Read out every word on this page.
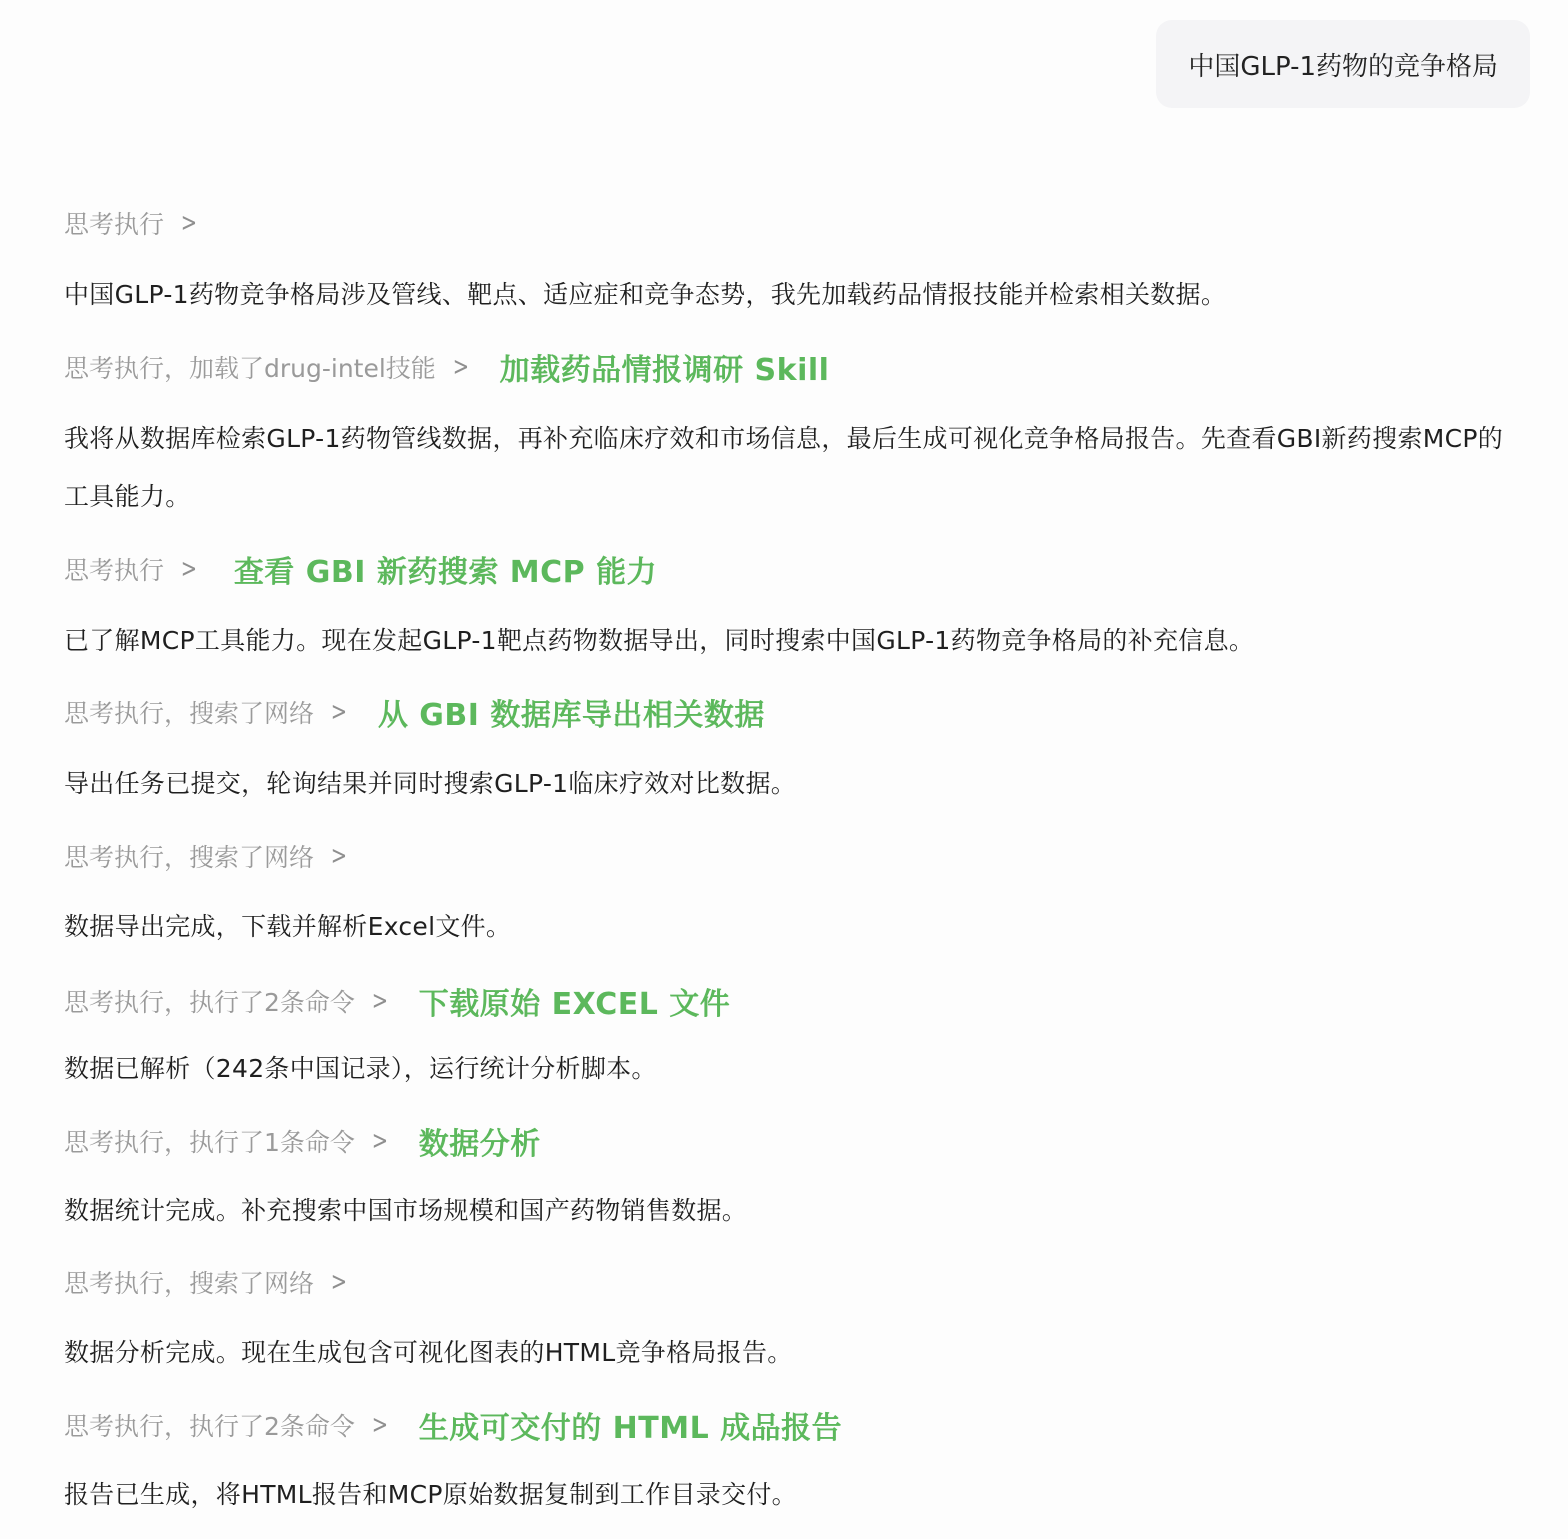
中国GLP-1药物的竞争格局
思考执行 >
中国GLP-1药物竞争格局涉及管线、靶点、适应症和竞争态势，我先加载药品情报技能并检索相关数据。
思考执行，加载了drug-intel技能 > 加载药品情报调研 Skill
我将从数据库检索GLP-1药物管线数据，再补充临床疗效和市场信息，最后生成可视化竞争格局报告。先查看GBI新药搜索MCP的工具能力。
思考执行 > 查看 GBI 新药搜索 MCP 能力
已了解MCP工具能力。现在发起GLP-1靶点药物数据导出，同时搜索中国GLP-1药物竞争格局的补充信息。
思考执行，搜索了网络 > 从 GBI 数据库导出相关数据
导出任务已提交，轮询结果并同时搜索GLP-1临床疗效对比数据。
思考执行，搜索了网络 >
数据导出完成，下载并解析Excel文件。
思考执行，执行了2条命令 > 下载原始 EXCEL 文件
数据已解析（242条中国记录），运行统计分析脚本。
思考执行，执行了1条命令 > 数据分析
数据统计完成。补充搜索中国市场规模和国产药物销售数据。
思考执行，搜索了网络 >
数据分析完成。现在生成包含可视化图表的HTML竞争格局报告。
思考执行，执行了2条命令 > 生成可交付的 HTML 成品报告
报告已生成，将HTML报告和MCP原始数据复制到工作目录交付。
